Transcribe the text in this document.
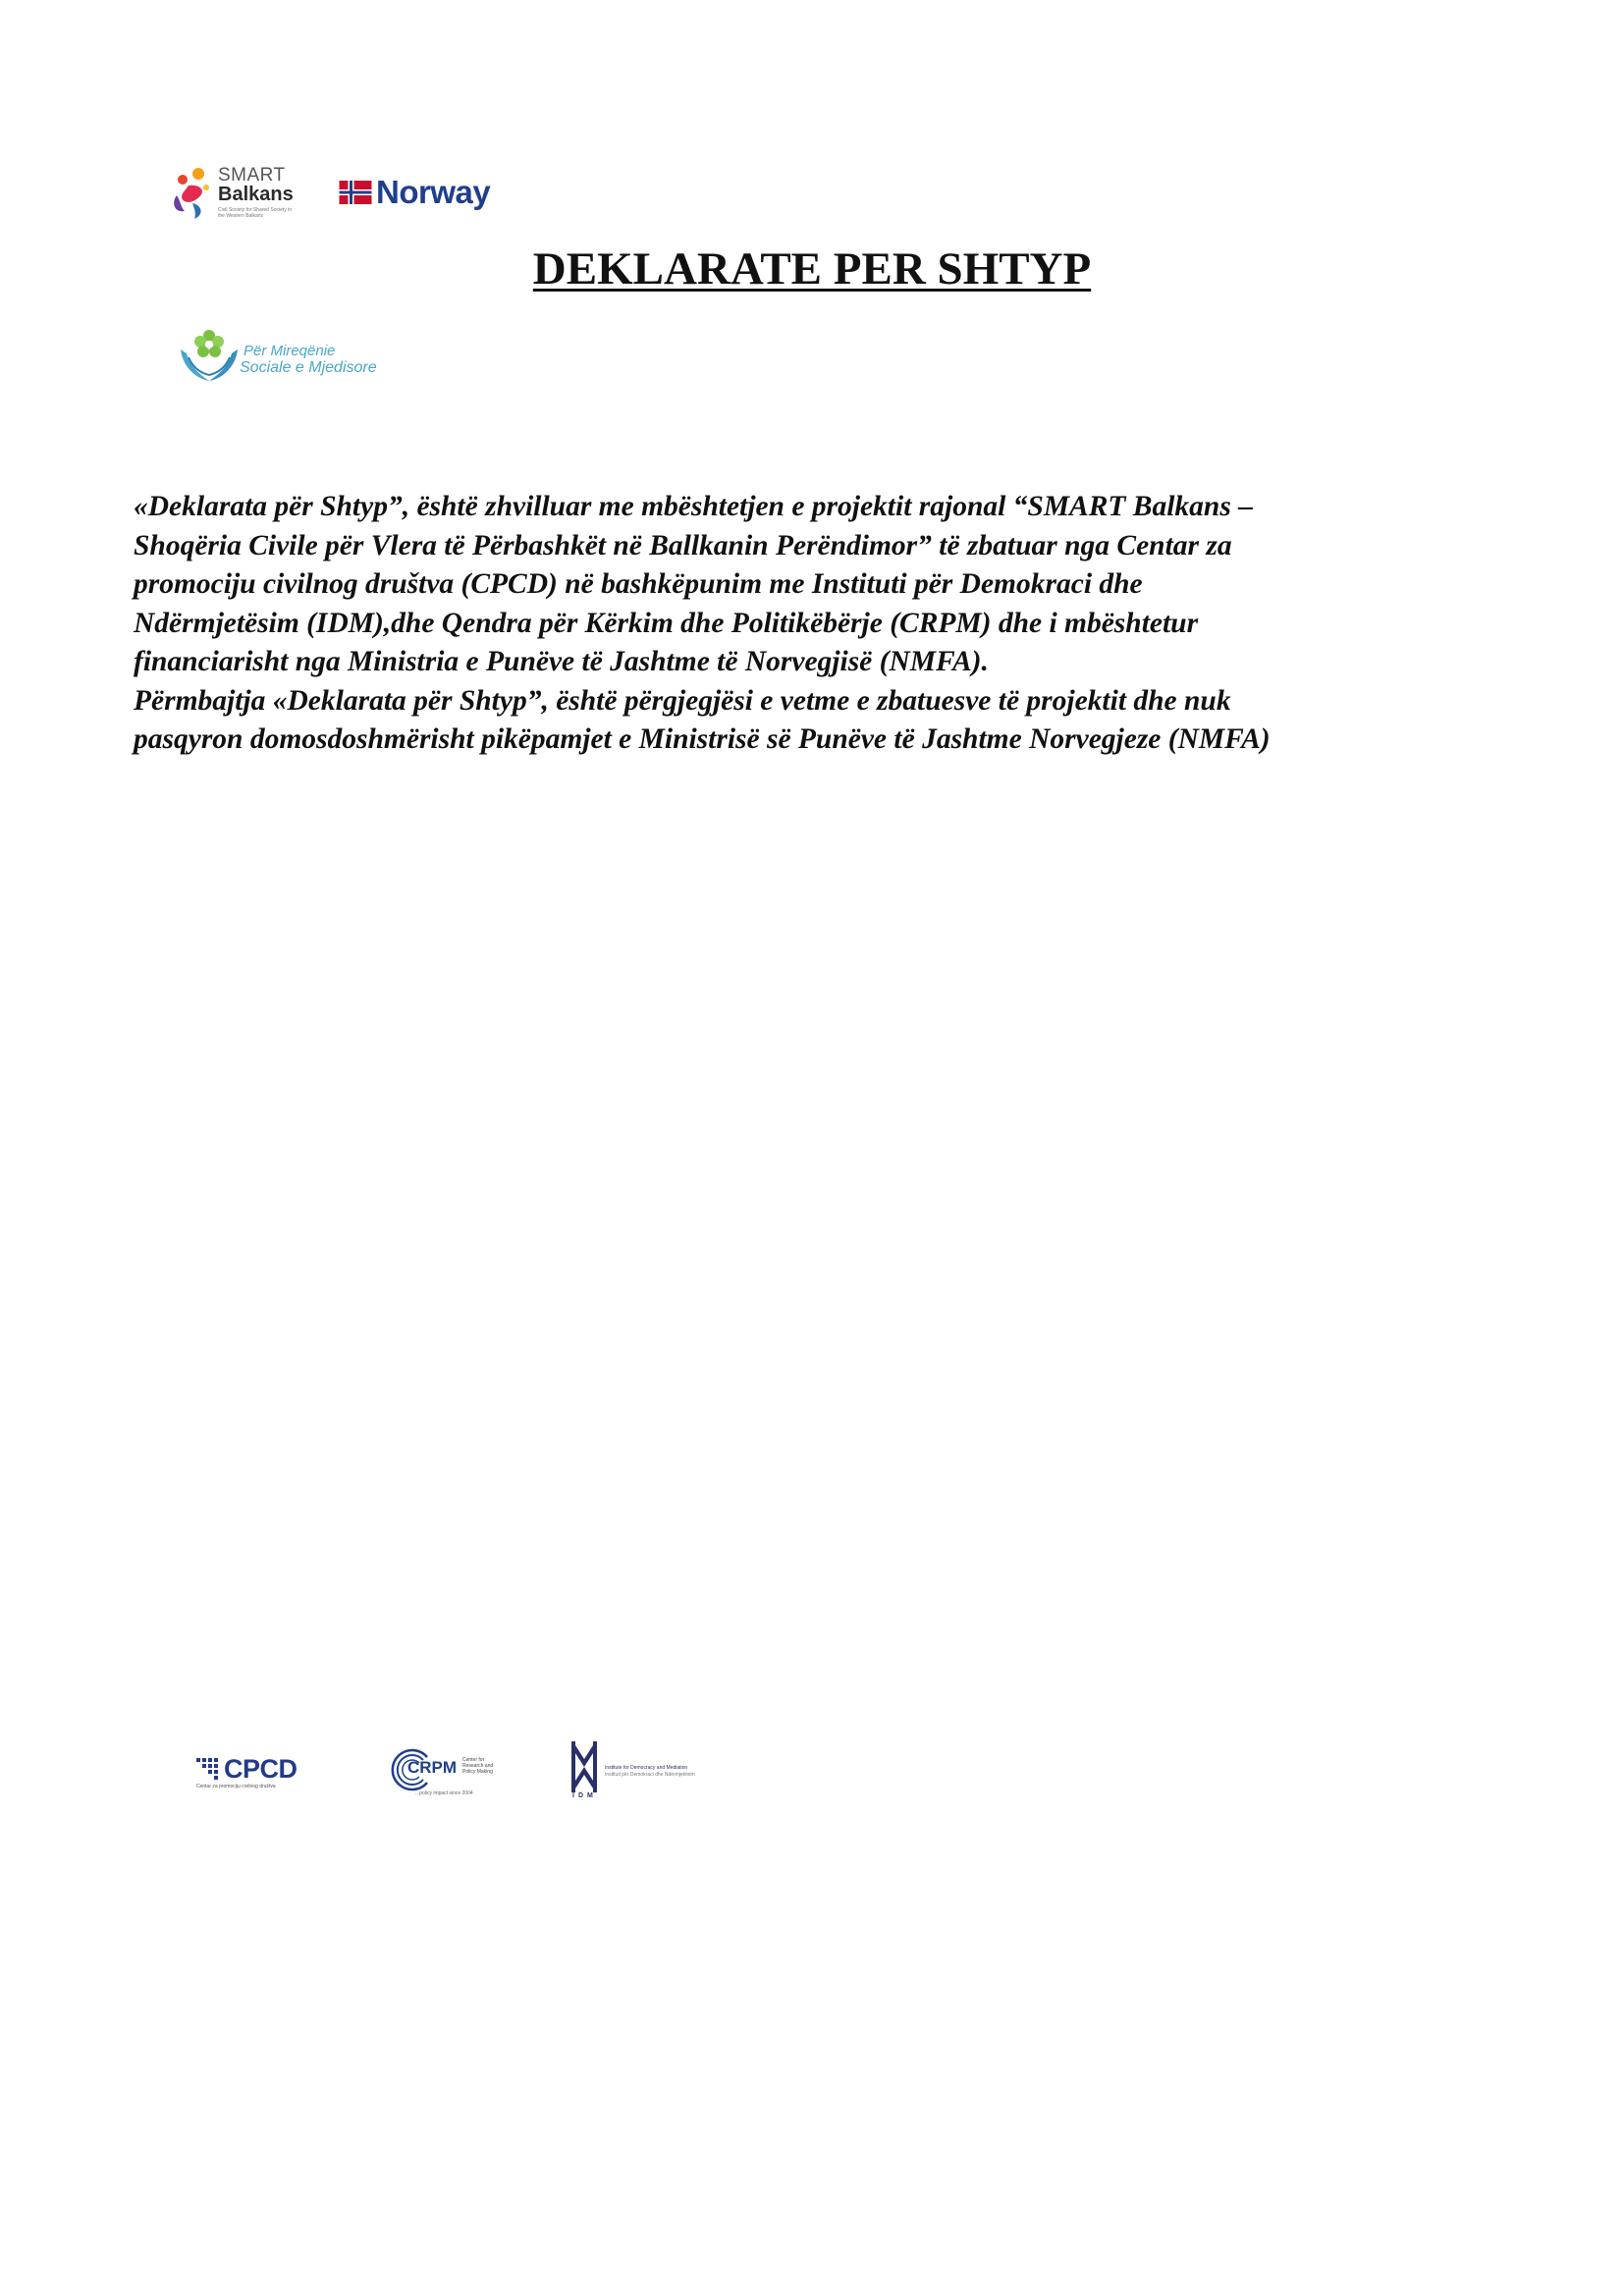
SMART
Balkans
Civil Society for Shared Society in the Western Balkans
Norway
DEKLARATE PER SHTYP
Për Mireqënie
Sociale e Mjedisore
«Deklarata për Shtyp”, është zhvilluar me mbështetjen e projektit rajonal “SMART Balkans –
Shoqëria Civile për Vlera të Përbashkët në Ballkanin Perëndimor” të zbatuar nga Centar za
promociju civilnog društva (CPCD) në bashkëpunim me Instituti për Demokraci dhe
Ndërmjetësim (IDM),dhe Qendra për Kërkim dhe Politikëbërje (CRPM) dhe i mbështetur
financiarisht nga Ministria e Punëve të Jashtme të Norvegjisë (NMFA).
Përmbajtja «Deklarata për Shtyp”, është përgjegjësi e vetme e zbatuesve të projektit dhe nuk
pasqyron domosdoshmërisht pikëpamjet e Ministrisë së Punëve të Jashtme Norvegjeze (NMFA)
CPCD
Centar za promociju civilnog društva
CRPM Center for Research and Policy Making
...policy impact since 2004	IDM
Institute for Democracy and Mediation
Instituti për Demokraci dhe Ndërmjetësim
